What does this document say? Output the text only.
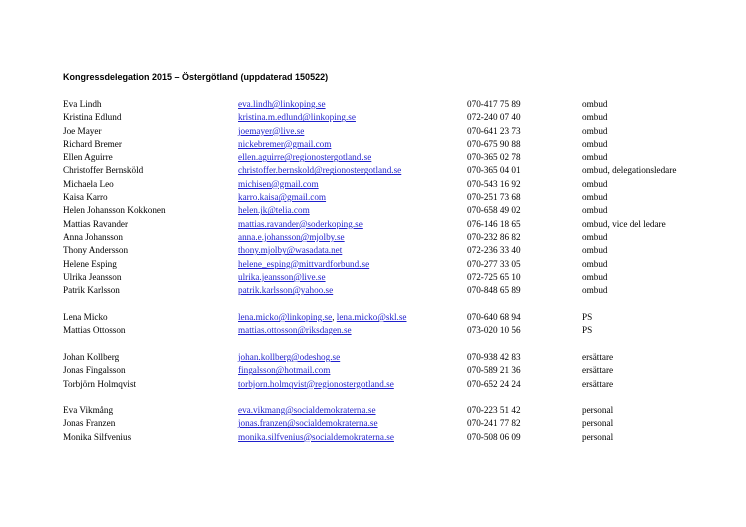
Kongressdelegation 2015 – Östergötland (uppdaterad 150522)
Eva Lindh	eva.lindh@linkoping.se	070-417 75 89	ombud
Kristina Edlund	kristina.m.edlund@linkoping.se	072-240 07 40	ombud
Joe Mayer	joemayer@live.se	070-641 23 73	ombud
Richard Bremer	nickebremer@gmail.com	070-675 90 88	ombud
Ellen Aguirre	ellen.aguirre@regionostergotland.se	070-365 02 78	ombud
Christoffer Bernsköld	christoffer.bernskold@regionostergotland.se	070-365 04 01	ombud, delegationsledare
Michaela Leo	michisen@gmail.com	070-543 16 92	ombud
Kaisa Karro	karro.kaisa@gmail.com	070-251 73 68	ombud
Helen Johansson Kokkonen	helen.jk@telia.com	070-658 49 02	ombud
Mattias Ravander	mattias.ravander@soderkoping.se	076-146 18 65	ombud, vice del ledare
Anna Johansson	anna.e.johansson@mjolby.se	070-232 86 82	ombud
Thony Andersson	thony.mjolby@wasadata.net	072-236 33 40	ombud
Helene Esping	helene_esping@mittvardforbund.se	070-277 33 05	ombud
Ulrika Jeansson	ulrika.jeansson@live.se	072-725 65 10	ombud
Patrik Karlsson	patrik.karlsson@yahoo.se	070-848 65 89	ombud
Lena Micko	lena.micko@linkoping.se, lena.micko@skl.se	070-640 68 94	PS
Mattias Ottosson	mattias.ottosson@riksdagen.se	073-020 10 56	PS
Johan Kollberg	johan.kollberg@odeshog.se	070-938 42 83	ersättare
Jonas Fingalsson	fingalsson@hotmail.com	070-589 21 36	ersättare
Torbjörn Holmqvist	torbjorn.holmqvist@regionostergotland.se	070-652 24 24	ersättare
Eva Vikmång	eva.vikmang@socialdemokraterna.se	070-223 51 42	personal
Jonas Franzen	jonas.franzen@socialdemokraterna.se	070-241 77 82	personal
Monika Silfvenius	monika.silfvenius@socialdemokraterna.se	070-508 06 09	personal
